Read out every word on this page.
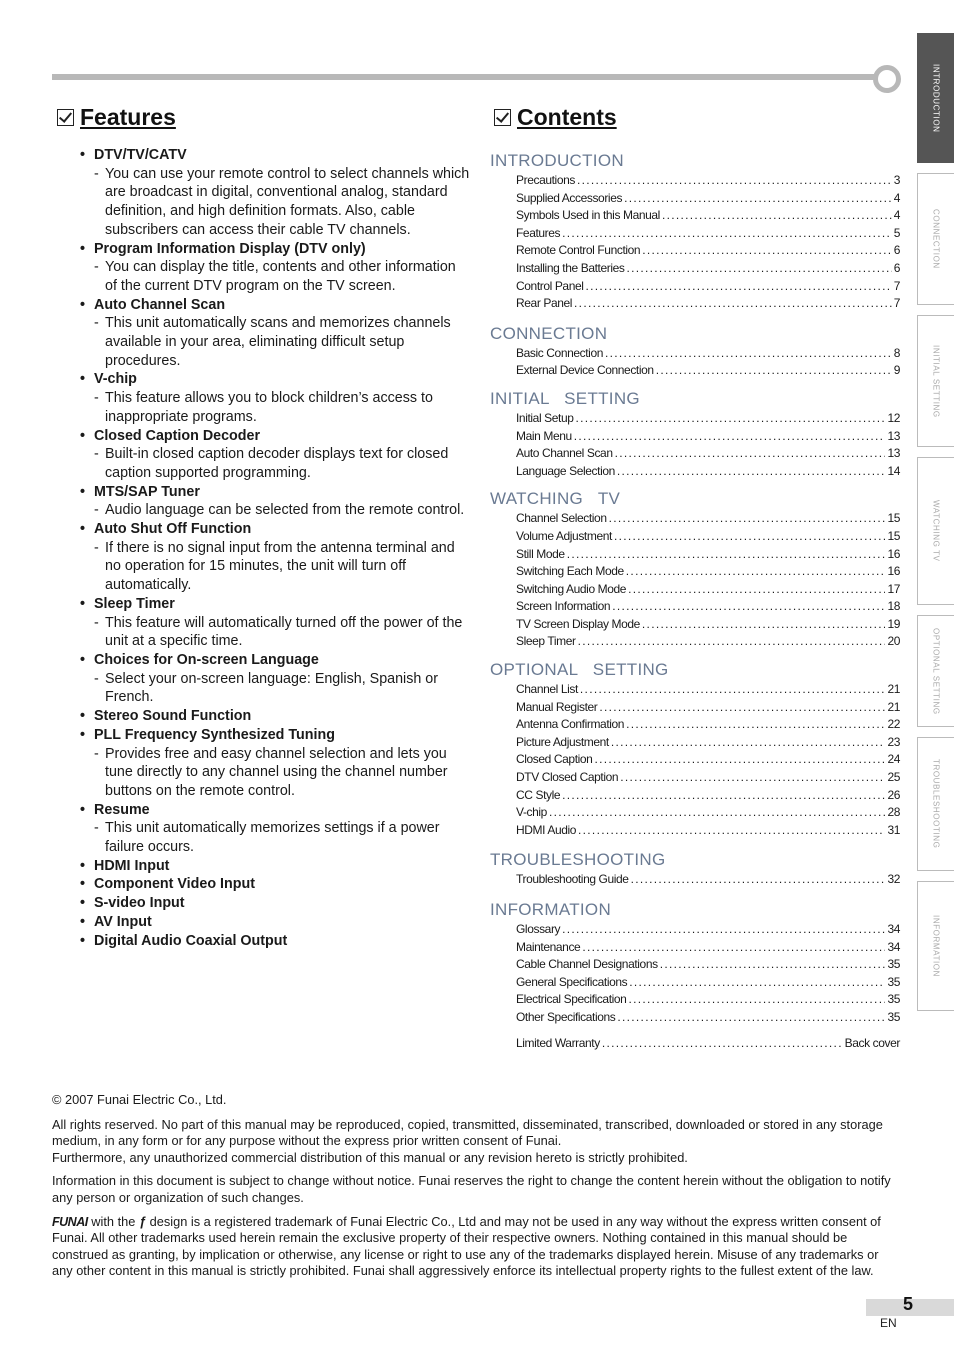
INTRODUCTION
CONNECTION
INITIAL SETTING
WATCHING TV
OPTIONAL SETTING
TROUBLESHOOTING
INFORMATION
Features
• DTV/TV/CATV
- You can use your remote control to select channels which are broadcast in digital, conventional analog, standard definition, and high definition formats. Also, cable subscribers can access their cable TV channels.
• Program Information Display (DTV only)
- You can display the title, contents and other information of the current DTV program on the TV screen.
• Auto Channel Scan
- This unit automatically scans and memorizes channels available in your area, eliminating difficult setup procedures.
• V-chip
- This feature allows you to block children’s access to inappropriate programs.
• Closed Caption Decoder
- Built-in closed caption decoder displays text for closed caption supported programming.
• MTS/SAP Tuner
- Audio language can be selected from the remote control.
• Auto Shut Off Function
- If there is no signal input from the antenna terminal and no operation for 15 minutes, the unit will turn off automatically.
• Sleep Timer
- This feature will automatically turned off the power of the unit at a specific time.
• Choices for On-screen Language
- Select your on-screen language: English, Spanish or French.
• Stereo Sound Function
• PLL Frequency Synthesized Tuning
- Provides free and easy channel selection and lets you tune directly to any channel using the channel number buttons on the remote control.
• Resume
- This unit automatically memorizes settings if a power failure occurs.
• HDMI Input
• Component Video Input
• S-video Input
• AV Input
• Digital Audio Coaxial Output
Contents
INTRODUCTION
Precautions .....	3
Supplied Accessories .....	4
Symbols Used in this Manual .....	4
Features .....	5
Remote Control Function .....	6
Installing the Batteries .....	6
Control Panel .....	7
Rear Panel .....	7
CONNECTION
Basic Connection .....	8
External Device Connection .....	9
INITIAL   SETTING
Initial Setup .....	12
Main Menu .....	13
Auto Channel Scan .....	13
Language Selection .....	14
WATCHING   TV
Channel Selection .....	15
Volume Adjustment .....	15
Still Mode .....	16
Switching Each Mode .....	16
Switching Audio Mode .....	17
Screen Information .....	18
TV Screen Display Mode .....	19
Sleep Timer .....	20
OPTIONAL   SETTING
Channel List .....	21
Manual Register .....	21
Antenna Confirmation .....	22
Picture Adjustment .....	23
Closed Caption .....	24
DTV Closed Caption .....	25
CC Style .....	26
V-chip .....	28
HDMI Audio .....	31
TROUBLESHOOTING
Troubleshooting Guide .....	32
INFORMATION
Glossary .....	34
Maintenance .....	34
Cable Channel Designations .....	35
General Specifications .....	35
Electrical Specification .....	35
Other Specifications .....	35
Limited Warranty .....	Back cover

© 2007 Funai Electric Co., Ltd.

All rights reserved. No part of this manual may be reproduced, copied, transmitted, disseminated, transcribed, downloaded or stored in any storage medium, in any form or for any purpose without the express prior written consent of Funai.

Furthermore, any unauthorized commercial distribution of this manual or any revision hereto is strictly prohibited.

Information in this document is subject to change without notice. Funai reserves the right to change the content herein without the obligation to notify any person or organization of such changes.

FUNAI with the ƒ design is a registered trademark of Funai Electric Co., Ltd and may not be used in any way without the express written consent of Funai. All other trademarks used herein remain the exclusive property of their respective owners. Nothing contained in this manual should be construed as granting, by implication or otherwise, any license or right to use any of the trademarks displayed herein. Misuse of any trademarks or any other content in this manual is strictly prohibited. Funai shall aggressively enforce its intellectual property rights to the fullest extent of the law.

5
EN
